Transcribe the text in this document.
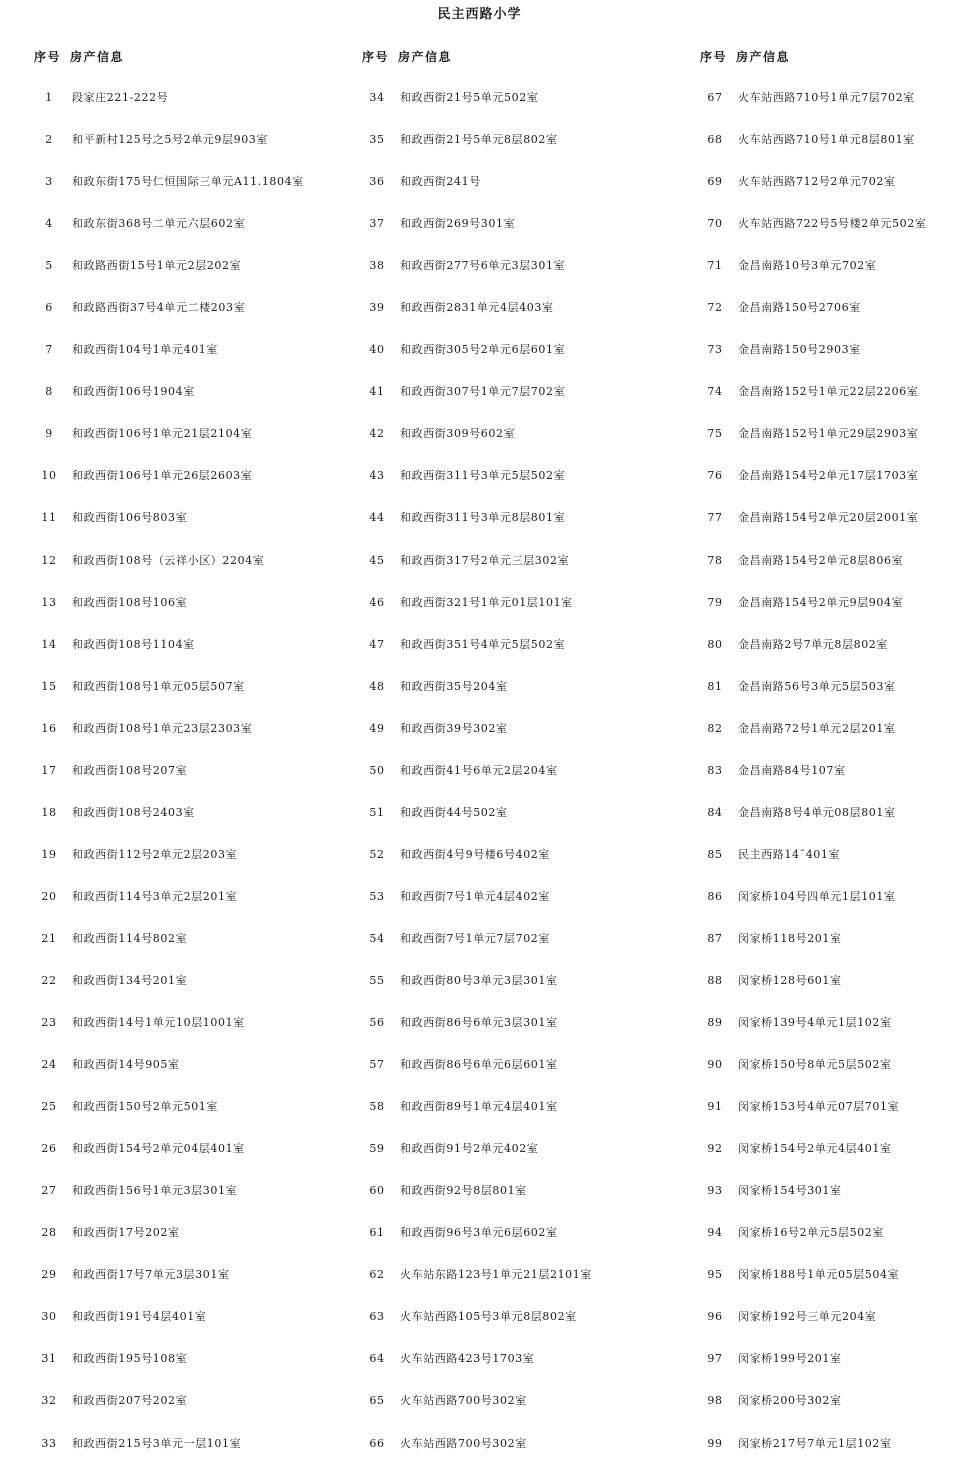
民主西路小学
序号 房产信息
1 段家庄221-222号
2 和平新村125号之5号2单元9层903室
3 和政东街175号仁恒国际三单元A11.1804室
4 和政东街368号二单元六层602室
5 和政路西街15号1单元2层202室
6 和政路西街37号4单元二楼203室
7 和政西街104号1单元401室
8 和政西街106号1904室
9 和政西街106号1单元21层2104室
10 和政西街106号1单元26层2603室
11 和政西街106号803室
12 和政西街108号（云祥小区）2204室
13 和政西街108号106室
14 和政西街108号1104室
15 和政西街108号1单元05层507室
16 和政西街108号1单元23层2303室
17 和政西街108号207室
18 和政西街108号2403室
19 和政西街112号2单元2层203室
20 和政西街114号3单元2层201室
21 和政西街114号802室
22 和政西街134号201室
23 和政西街14号1单元10层1001室
24 和政西街14号905室
25 和政西街150号2单元501室
26 和政西街154号2单元04层401室
27 和政西街156号1单元3层301室
28 和政西街17号202室
29 和政西街17号7单元3层301室
30 和政西街191号4层401室
31 和政西街195号108室
32 和政西街207号202室
33 和政西街215号3单元一层101室
序号 房产信息
34 和政西街21号5单元502室
35 和政西街21号5单元8层802室
36 和政西街241号
37 和政西街269号301室
38 和政西街277号6单元3层301室
39 和政西街2831单元4层403室
40 和政西街305号2单元6层601室
41 和政西街307号1单元7层702室
42 和政西街309号602室
43 和政西街311号3单元5层502室
44 和政西街311号3单元8层801室
45 和政西街317号2单元三层302室
46 和政西街321号1单元01层101室
47 和政西街351号4单元5层502室
48 和政西街35号204室
49 和政西街39号302室
50 和政西街41号6单元2层204室
51 和政西街44号502室
52 和政西街4号9号楼6号402室
53 和政西街7号1单元4层402室
54 和政西街7号1单元7层702室
55 和政西街80号3单元3层301室
56 和政西街86号6单元3层301室
57 和政西街86号6单元6层601室
58 和政西街89号1单元4层401室
59 和政西街91号2单元402室
60 和政西街92号8层801室
61 和政西街96号3单元6层602室
62 火车站东路123号1单元21层2101室
63 火车站西路105号3单元8层802室
64 火车站西路423号1703室
65 火车站西路700号302室
66 火车站西路700号302室
序号 房产信息
67 火车站西路710号1单元7层702室
68 火车站西路710号1单元8层801室
69 火车站西路712号2单元702室
70 火车站西路722号5号楼2单元502室
71 金昌南路10号3单元702室
72 金昌南路150号2706室
73 金昌南路150号2903室
74 金昌南路152号1单元22层2206室
75 金昌南路152号1单元29层2903室
76 金昌南路154号2单元17层1703室
77 金昌南路154号2单元20层2001室
78 金昌南路154号2单元8层806室
79 金昌南路154号2单元9层904室
80 金昌南路2号7单元8层802室
81 金昌南路56号3单元5层503室
82 金昌南路72号1单元2层201室
83 金昌南路84号107室
84 金昌南路8号4单元08层801室
85 民主西路14¯401室
86 闵家桥104号四单元1层101室
87 闵家桥118号201室
88 闵家桥128号601室
89 闵家桥139号4单元1层102室
90 闵家桥150号8单元5层502室
91 闵家桥153号4单元07层701室
92 闵家桥154号2单元4层401室
93 闵家桥154号301室
94 闵家桥16号2单元5层502室
95 闵家桥188号1单元05层504室
96 闵家桥192号三单元204室
97 闵家桥199号201室
98 闵家桥200号302室
99 闵家桥217号7单元1层102室
